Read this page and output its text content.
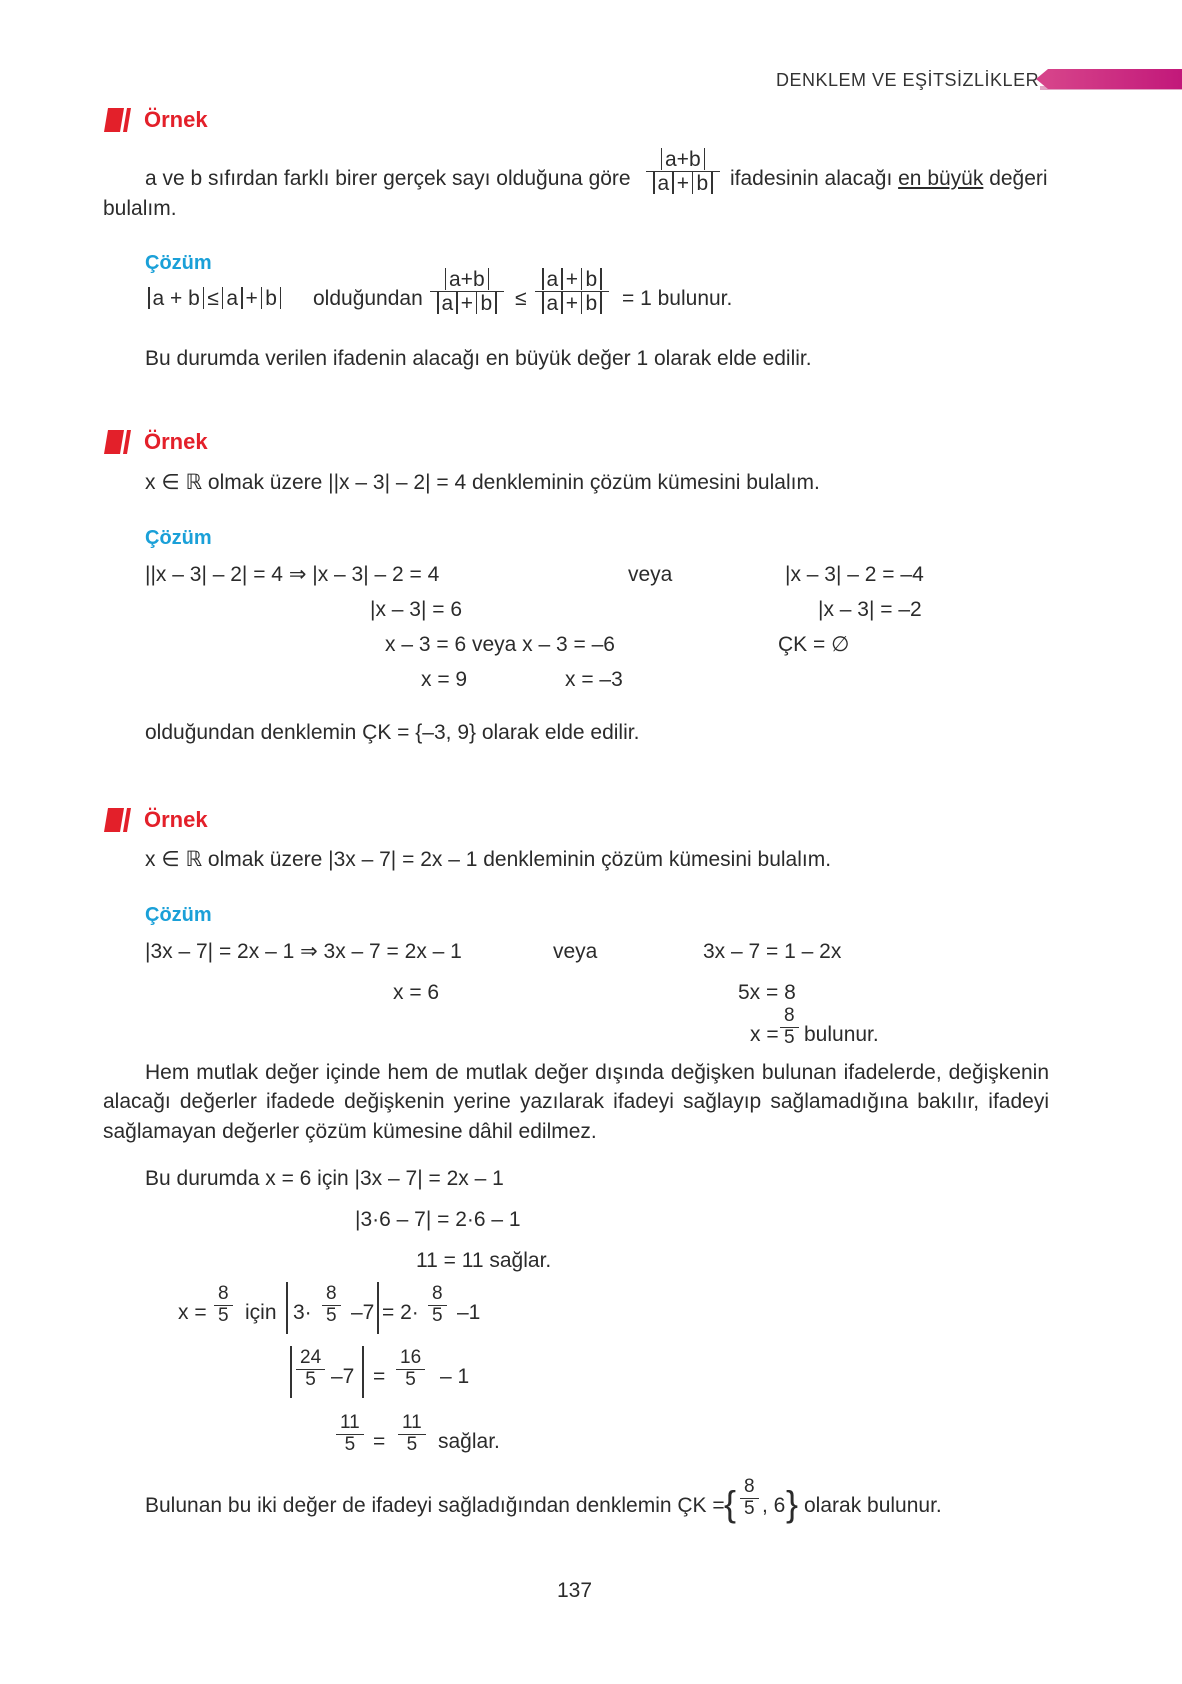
DENKLEM VE EŞİTSİZLİKLER
Örnek
a ve b sıfırdan farklı birer gerçek sayı olduğuna göre $\frac{a+b}{a + b}$ ifadesinin alacağı en büyük değeri
bulalım.
Çözüm
a + b ≤ a + b	olduğundan $\frac{a+b}{a + b} \le \frac{a + b}{a + b} = 1$ bulunur.
Bu durumda verilen ifadenin alacağı en büyük değer 1 olarak elde edilir.
Örnek
x ∈ ℝ olmak üzere ||x – 3| – 2| = 4 denkleminin çözüm kümesini bulalım.
Çözüm
||x – 3| – 2| = 4 ⇒ |x – 3| – 2 = 4	veya	|x – 3| – 2 = –4
|x – 3| = 6	|x – 3| = –2
x – 3 = 6 veya x – 3 = –6	ÇK = ∅
x = 9	x = –3
olduğundan denklemin ÇK = {–3, 9} olarak elde edilir.
Örnek
x ∈ ℝ olmak üzere |3x – 7| = 2x – 1 denkleminin çözüm kümesini bulalım.
Çözüm
|3x – 7| = 2x – 1 ⇒ 3x – 7 = 2x – 1	veya	3x – 7 = 1 – 2x
x = 6	5x = 8
$x = \frac{8}{5}$ bulunur.

Hem mutlak değer içinde hem de mutlak değer dışında değişken bulunan ifadelerde, değişkenin alacağı değerler ifadede değişkenin yerine yazılarak ifadeyi sağlayıp sağlamadığına bakılır, ifadeyi sağlamayan değerler çözüm kümesine dâhil edilmez.

Bu durumda x = 6 için |3x – 7| = 2x – 1
|3·6 – 7| = 2·6 – 1
11 = 11 sağlar.
$x = \frac{8}{5}$ için $3\cdot \frac{8}{5} -7 = 2\cdot \frac{8}{5} -1$
$\frac{24}{5} -7 = \frac{16}{5} - 1$
$\frac{11}{5} = \frac{11}{5}$ sağlar.
Bulunan bu iki değer de ifadeyi sağladığından denklemin ÇK = { $\frac{8}{5}$ , 6 } olarak bulunur.
137
